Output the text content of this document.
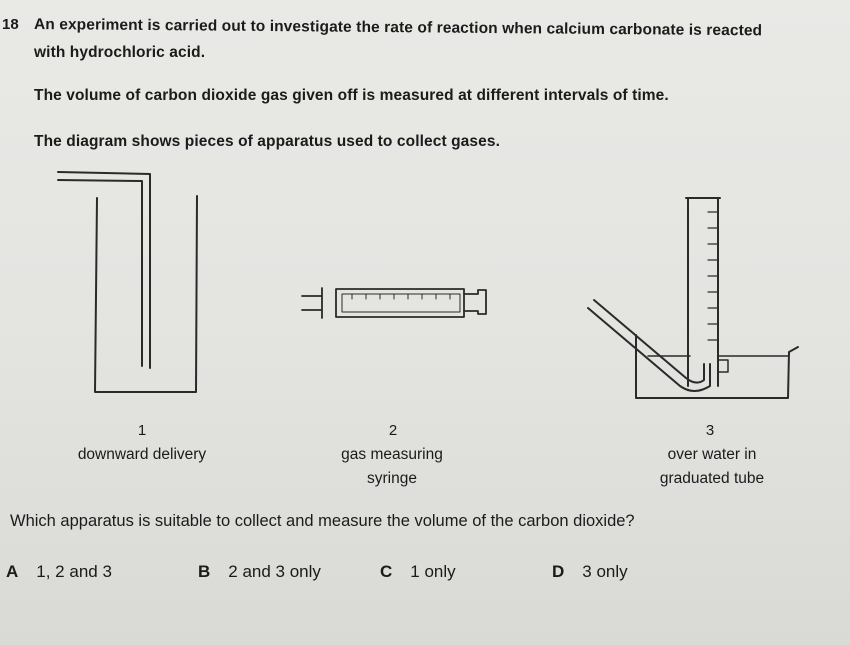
18 An experiment is carried out to investigate the rate of reaction when calcium carbonate is reacted
with hydrochloric acid.
The volume of carbon dioxide gas given off is measured at different intervals of time.
The diagram shows pieces of apparatus used to collect gases.
1
downward delivery
2
gas measuring
syringe
3
over water in
graduated tube
Which apparatus is suitable to collect and measure the volume of the carbon dioxide?
A 1, 2 and 3	B 2 and 3 only	C 1 only	D 3 only
